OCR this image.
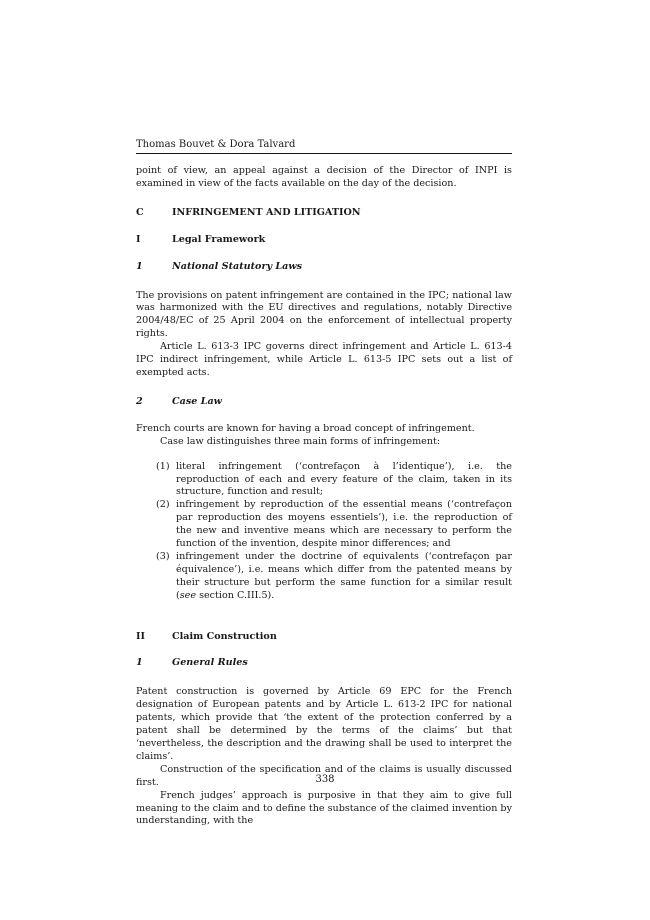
Thomas Bouvet & Dora Talvard

point of view, an appeal against a decision of the Director of INPI is examined in view of the facts available on the day of the decision.

C	INFRINGEMENT AND LITIGATION
I	Legal Framework
1	National Statutory Laws

The provisions on patent infringement are contained in the IPC; national law was harmonized with the EU directives and regulations, notably Directive 2004/48/EC of 25 April 2004 on the enforcement of intellectual property rights.

Article L. 613-3 IPC governs direct infringement and Article L. 613-4 IPC indirect infringement, while Article L. 613-5 IPC sets out a list of exempted acts.

2	Case Law

French courts are known for having a broad concept of infringement.

Case law distinguishes three main forms of infringement:

(1) literal infringement (‘contrefaçon à l’identique’), i.e. the reproduction of each and every feature of the claim, taken in its structure, function and result;
(2) infringement by reproduction of the essential means (‘contrefaçon par reproduction des moyens essentiels’), i.e. the reproduction of the new and inventive means which are necessary to perform the function of the invention, despite minor differences; and
(3) infringement under the doctrine of equivalents (‘contrefaçon par équivalence’), i.e. means which differ from the patented means by their structure but perform the same function for a similar result (see section C.III.5).
II	Claim Construction
1	General Rules

Patent construction is governed by Article 69 EPC for the French designation of European patents and by Article L. 613-2 IPC for national patents, which provide that ‘the extent of the protection conferred by a patent shall be determined by the terms of the claims’ but that ‘nevertheless, the description and the drawing shall be used to interpret the claims’.

Construction of the specification and of the claims is usually discussed first.

French judges’ approach is purposive in that they aim to give full meaning to the claim and to define the substance of the claimed invention by understanding, with the

338
